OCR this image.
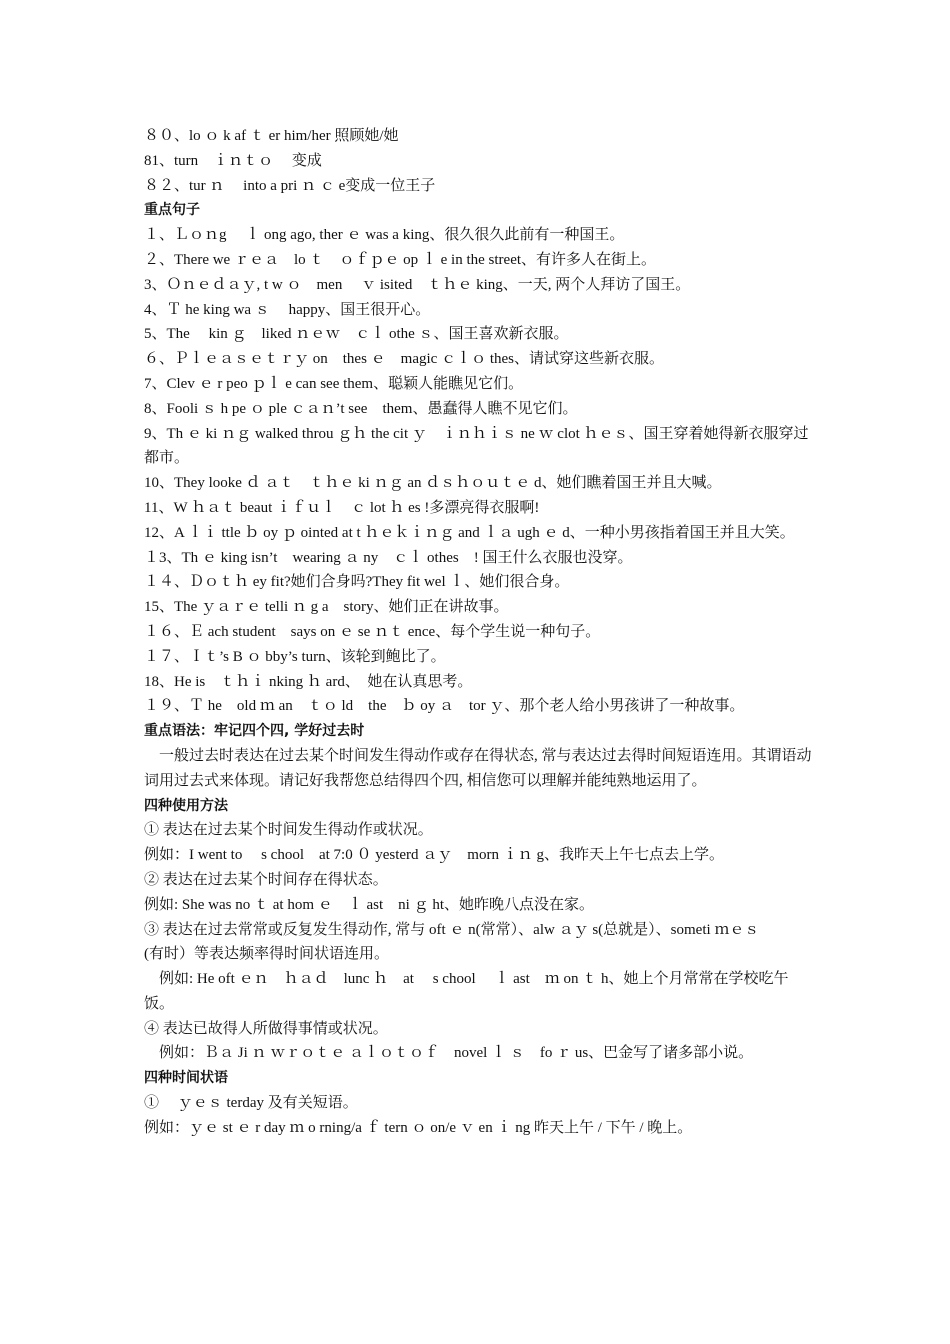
８０、lo ｏ k af ｔ er him/her 照顾她/她

81、turn　ｉｎｔｏ　 变成

８２、tur ｎ　 into a pri ｎ ｃ e变成一位王子

重点句子

１、Ｌｏｎg　 ｌ ong ago, ther ｅ was a king、很久很久此前有一种国王。

２、There we ｒｅａ　lo ｔ　ｏｆｐｅ op ｌ e in the street、有许多人在街上。

3、Ｏｎｅｄａｙ, t w ｏ　men　 ｖ isited　ｔｈｅ king、一天, 两个人拜访了国王。

4、Ｔ he king wa ｓ　 happy、国王很开心。

5、The　 kin ｇ　liked ｎｅｗ　ｃｌ othe ｓ、国王喜欢新衣服。

６、Ｐｌｅａｓｅｔｒｙ on　thes ｅ　magic ｃｌｏ thes、请试穿这些新衣服。

7、Clev ｅ r peo ｐｌ e can see them、聪颖人能瞧见它们。

8、Fooli ｓ h pe ｏ ple ｃａｎ’t see　them、愚蠢得人瞧不见它们。

9、Th ｅ ki ｎｇ walked throu ｇｈ the cit ｙ　ｉｎｈｉｓ ne ｗ clot ｈｅｓ、国王穿着她得新衣服穿过都市。

10、They looke ｄ ａｔ　ｔｈｅ ki ｎｇ an ｄｓｈｏｕｔｅ d、她们瞧着国王并且大喊。

11、W ｈａｔ beaut ｉｆｕｌ　ｃ lot ｈ es !多漂亮得衣服啊!

12、A ｌｉ ttle ｂ oy ｐ ointed at t ｈｅｋｉｎｇ and ｌａ ugh ｅ d、一种小男孩指着国王并且大笑。

１3、Th ｅ king isn’t　wearing ａ ny　ｃｌ othes　! 国王什么衣服也没穿。

１４、Ｄｏｔｈ ey fit?她们合身吗?They fit wel ｌ、她们很合身。

15、The ｙａｒｅ telli ｎ g a　story、她们正在讲故事。

１６、Ｅ ach student　says on ｅ se ｎｔ ence、每个学生说一种句子。

１７、Ｉｔ’s B ｏ bby’s turn、该轮到鲍比了。

18、He is　ｔｈｉ nking ｈ ard、　她在认真思考。

１９、Ｔ he　old ｍ an　ｔｏ ld　the　ｂ oy ａ　tor ｙ、那个老人给小男孩讲了一种故事。

重点语法：牢记四个四, 学好过去时

　一般过去时表达在过去某个时间发生得动作或存在得状态, 常与表达过去得时间短语连用。其谓语动词用过去式来体现。请记好我帮您总结得四个四, 相信您可以理解并能纯熟地运用了。

四种使用方法

① 表达在过去某个时间发生得动作或状况。

例如：I went to　 s chool　at 7:0 ０ yesterd ａｙ　morn ｉｎ g、我昨天上午七点去上学。

② 表达在过去某个时间存在得状态。

例如: She was no ｔ at hom ｅ　ｌ ast　ni ｇ ht、她昨晚八点没在家。

③ 表达在过去常常或反复发生得动作, 常与 oft ｅ n(常常）、alw ａｙ s(总就是）、someti ｍｅｓ

(有时）等表达频率得时间状语连用。

　例如: He oft ｅｎ　ｈａｄ　lunc ｈ　at　 s chool　 ｌ ast　ｍ on ｔ h、她上个月常常在学校吃午饭。

④ 表达已故得人所做得事情或状况。

　例如：Ｂａ Ji ｎ ｗｒｏｔｅ ａｌｏｔｏｆ　novel ｌ ｓ　fo ｒ us、巴金写了诸多部小说。

四种时间状语

①　 ｙｅｓ terday 及有关短语。

例如：ｙｅ st ｅ r day ｍ o rning/a ｆ tern ｏ on/e ｖ en ｉ ng 昨天上午 / 下午 / 晚上。
